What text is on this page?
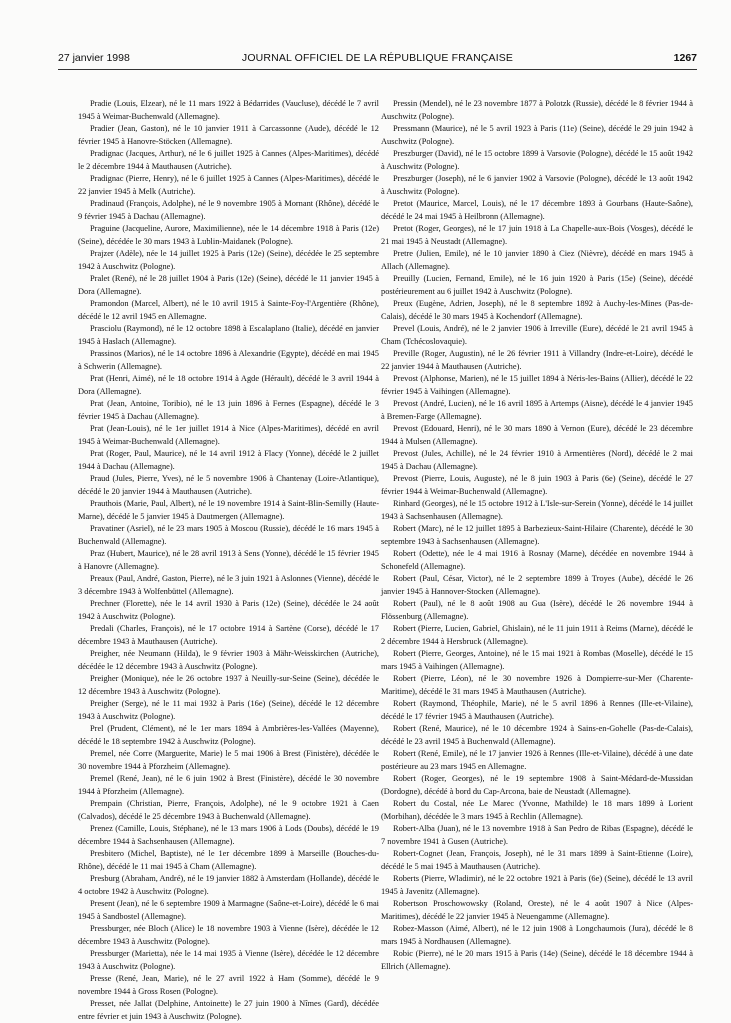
27 janvier 1998	JOURNAL OFFICIEL DE LA RÉPUBLIQUE FRANÇAISE	1267

Pradie (Louis, Elzear), né le 11 mars 1922 à Bédarrides (Vaucluse), décédé le 7 avril 1945 à Weimar-Buchenwald (Allemagne).

Pradier (Jean, Gaston), né le 10 janvier 1911 à Carcassonne (Aude), décédé le 12 février 1945 à Hanovre-Stöcken (Allemagne).

Pradignac (Jacques, Arthur), né le 6 juillet 1925 à Cannes (Alpes-Maritimes), décédé le 2 décembre 1944 à Mauthausen (Autriche).

Pradignac (Pierre, Henry), né le 6 juillet 1925 à Cannes (Alpes-Maritimes), décédé le 22 janvier 1945 à Melk (Autriche).

Pradinaud (François, Adolphe), né le 9 novembre 1905 à Mornant (Rhône), décédé le 9 février 1945 à Dachau (Allemagne).

Praguine (Jacqueline, Aurore, Maximilienne), née le 14 décembre 1918 à Paris (12e) (Seine), décédée le 30 mars 1943 à Lublin-Maidanek (Pologne).

Prajzer (Adèle), née le 14 juillet 1925 à Paris (12e) (Seine), décédée le 25 septembre 1942 à Auschwitz (Pologne).

Pralet (René), né le 28 juillet 1904 à Paris (12e) (Seine), décédé le 11 janvier 1945 à Dora (Allemagne).

Pramondon (Marcel, Albert), né le 10 avril 1915 à Sainte-Foy-l'Argentière (Rhône), décédé le 12 avril 1945 en Allemagne.

Prasciolu (Raymond), né le 12 octobre 1898 à Escalaplano (Italie), décédé en janvier 1945 à Haslach (Allemagne).

Prassinos (Marios), né le 14 octobre 1896 à Alexandrie (Egypte), décédé en mai 1945 à Schwerin (Allemagne).

Prat (Henri, Aimé), né le 18 octobre 1914 à Agde (Hérault), décédé le 3 avril 1944 à Dora (Allemagne).

Prat (Jean, Antoine, Toribio), né le 13 juin 1896 à Fernes (Espagne), décédé le 3 février 1945 à Dachau (Allemagne).

Prat (Jean-Louis), né le 1er juillet 1914 à Nice (Alpes-Maritimes), décédé en avril 1945 à Weimar-Buchenwald (Allemagne).

Prat (Roger, Paul, Maurice), né le 14 avril 1912 à Flacy (Yonne), décédé le 2 juillet 1944 à Dachau (Allemagne).

Praud (Jules, Pierre, Yves), né le 5 novembre 1906 à Chantenay (Loire-Atlantique), décédé le 20 janvier 1944 à Mauthausen (Autriche).

Prauthois (Marie, Paul, Albert), né le 19 novembre 1914 à Saint-Blin-Semilly (Haute-Marne), décédé le 5 janvier 1945 à Dautmergen (Allemagne).

Pravatiner (Asriel), né le 23 mars 1905 à Moscou (Russie), décédé le 16 mars 1945 à Buchenwald (Allemagne).

Praz (Hubert, Maurice), né le 28 avril 1913 à Sens (Yonne), décédé le 15 février 1945 à Hanovre (Allemagne).

Preaux (Paul, André, Gaston, Pierre), né le 3 juin 1921 à Aslonnes (Vienne), décédé le 3 décembre 1943 à Wolfenbüttel (Allemagne).

Prechner (Florette), née le 14 avril 1930 à Paris (12e) (Seine), décédée le 24 août 1942 à Auschwitz (Pologne).

Predali (Charles, François), né le 17 octobre 1914 à Sartène (Corse), décédé le 17 décembre 1943 à Mauthausen (Autriche).

Preigher, née Neumann (Hilda), le 9 février 1903 à Mähr-Weisskirchen (Autriche), décédée le 12 décembre 1943 à Auschwitz (Pologne).

Preigher (Monique), née le 26 octobre 1937 à Neuilly-sur-Seine (Seine), décédée le 12 décembre 1943 à Auschwitz (Pologne).

Preigher (Serge), né le 11 mai 1932 à Paris (16e) (Seine), décédé le 12 décembre 1943 à Auschwitz (Pologne).

Prel (Prudent, Clément), né le 1er mars 1894 à Ambrières-les-Vallées (Mayenne), décédé le 18 septembre 1942 à Auschwitz (Pologne).

Premel, née Corre (Marguerite, Marie) le 5 mai 1906 à Brest (Finistère), décédée le 30 novembre 1944 à Pforzheim (Allemagne).

Premel (René, Jean), né le 6 juin 1902 à Brest (Finistère), décédé le 30 novembre 1944 à Pforzheim (Allemagne).

Prempain (Christian, Pierre, François, Adolphe), né le 9 octobre 1921 à Caen (Calvados), décédé le 25 décembre 1943 à Buchenwald (Allemagne).

Prenez (Camille, Louis, Stéphane), né le 13 mars 1906 à Lods (Doubs), décédé le 19 décembre 1944 à Sachsenhausen (Allemagne).

Presbitero (Michel, Baptiste), né le 1er décembre 1899 à Marseille (Bouches-du-Rhône), décédé le 11 mai 1945 à Cham (Allemagne).

Presburg (Abraham, André), né le 19 janvier 1882 à Amsterdam (Hollande), décédé le 4 octobre 1942 à Auschwitz (Pologne).

Present (Jean), né le 6 septembre 1909 à Marmagne (Saône-et-Loire), décédé le 6 mai 1945 à Sandbostel (Allemagne).

Pressburger, née Bloch (Alice) le 18 novembre 1903 à Vienne (Isère), décédée le 12 décembre 1943 à Auschwitz (Pologne).

Pressburger (Marietta), née le 14 mai 1935 à Vienne (Isère), décédée le 12 décembre 1943 à Auschwitz (Pologne).

Presse (René, Jean, Marie), né le 27 avril 1922 à Ham (Somme), décédé le 9 novembre 1944 à Gross Rosen (Pologne).

Presset, née Jallat (Delphine, Antoinette) le 27 juin 1900 à Nîmes (Gard), décédée entre février et juin 1943 à Auschwitz (Pologne).

Pressin (Mendel), né le 23 novembre 1877 à Polotzk (Russie), décédé le 8 février 1944 à Auschwitz (Pologne).

Pressmann (Maurice), né le 5 avril 1923 à Paris (11e) (Seine), décédé le 29 juin 1942 à Auschwitz (Pologne).

Preszburger (David), né le 15 octobre 1899 à Varsovie (Pologne), décédé le 15 août 1942 à Auschwitz (Pologne).

Preszburger (Joseph), né le 6 janvier 1902 à Varsovie (Pologne), décédé le 13 août 1942 à Auschwitz (Pologne).

Pretot (Maurice, Marcel, Louis), né le 17 décembre 1893 à Gourbans (Haute-Saône), décédé le 24 mai 1945 à Heilbronn (Allemagne).

Pretot (Roger, Georges), né le 17 juin 1918 à La Chapelle-aux-Bois (Vosges), décédé le 21 mai 1945 à Neustadt (Allemagne).

Pretre (Julien, Emile), né le 10 janvier 1890 à Ciez (Nièvre), décédé en mars 1945 à Allach (Allemagne).

Preuilly (Lucien, Fernand, Emile), né le 16 juin 1920 à Paris (15e) (Seine), décédé postérieurement au 6 juillet 1942 à Auschwitz (Pologne).

Preux (Eugène, Adrien, Joseph), né le 8 septembre 1892 à Auchy-les-Mines (Pas-de-Calais), décédé le 30 mars 1945 à Kochendorf (Allemagne).

Prevel (Louis, André), né le 2 janvier 1906 à Irreville (Eure), décédé le 21 avril 1945 à Cham (Tchécoslovaquie).

Preville (Roger, Augustin), né le 26 février 1911 à Villandry (Indre-et-Loire), décédé le 22 janvier 1944 à Mauthausen (Autriche).

Prevost (Alphonse, Marien), né le 15 juillet 1894 à Néris-les-Bains (Allier), décédé le 22 février 1945 à Vaihingen (Allemagne).

Prevost (André, Lucien), né le 16 avril 1895 à Artemps (Aisne), décédé le 4 janvier 1945 à Bremen-Farge (Allemagne).

Prevost (Edouard, Henri), né le 30 mars 1890 à Vernon (Eure), décédé le 23 décembre 1944 à Mulsen (Allemagne).

Prevost (Jules, Achille), né le 24 février 1910 à Armentières (Nord), décédé le 2 mai 1945 à Dachau (Allemagne).

Prevost (Pierre, Louis, Auguste), né le 8 juin 1903 à Paris (6e) (Seine), décédé le 27 février 1944 à Weimar-Buchenwald (Allemagne).

Rinhard (Georges), né le 15 octobre 1912 à L'Isle-sur-Serein (Yonne), décédé le 14 juillet 1943 à Sachsenhausen (Allemagne).

Robert (Marc), né le 12 juillet 1895 à Barbezieux-Saint-Hilaire (Charente), décédé le 30 septembre 1943 à Sachsenhausen (Allemagne).

Robert (Odette), née le 4 mai 1916 à Rosnay (Marne), décédée en novembre 1944 à Schonefeld (Allemagne).

Robert (Paul, César, Victor), né le 2 septembre 1899 à Troyes (Aube), décédé le 26 janvier 1945 à Hannover-Stocken (Allemagne).

Robert (Paul), né le 8 août 1908 au Gua (Isère), décédé le 26 novembre 1944 à Flössenburg (Allemagne).

Robert (Pierre, Lucien, Gabriel, Ghislain), né le 11 juin 1911 à Reims (Marne), décédé le 2 décembre 1944 à Hersbruck (Allemagne).

Robert (Pierre, Georges, Antoine), né le 15 mai 1921 à Rombas (Moselle), décédé le 15 mars 1945 à Vaihingen (Allemagne).

Robert (Pierre, Léon), né le 30 novembre 1926 à Dompierre-sur-Mer (Charente-Maritime), décédé le 31 mars 1945 à Mauthausen (Autriche).

Robert (Raymond, Théophile, Marie), né le 5 avril 1896 à Rennes (Ille-et-Vilaine), décédé le 17 février 1945 à Mauthausen (Autriche).

Robert (René, Maurice), né le 10 décembre 1924 à Sains-en-Gohelle (Pas-de-Calais), décédé le 23 avril 1945 à Buchenwald (Allemagne).

Robert (René, Emile), né le 17 janvier 1926 à Rennes (Ille-et-Vilaine), décédé à une date postérieure au 23 mars 1945 en Allemagne.

Robert (Roger, Georges), né le 19 septembre 1908 à Saint-Médard-de-Mussidan (Dordogne), décédé à bord du Cap-Arcona, baie de Neustadt (Allemagne).

Robert du Costal, née Le Marec (Yvonne, Mathilde) le 18 mars 1899 à Lorient (Morbihan), décédée le 3 mars 1945 à Rechlin (Allemagne).

Robert-Alba (Juan), né le 13 novembre 1918 à San Pedro de Ribas (Espagne), décédé le 7 novembre 1941 à Gusen (Autriche).

Robert-Cognet (Jean, François, Joseph), né le 31 mars 1899 à Saint-Etienne (Loire), décédé le 5 mai 1945 à Mauthausen (Autriche).

Roberts (Pierre, Wladimir), né le 22 octobre 1921 à Paris (6e) (Seine), décédé le 13 avril 1945 à Javenitz (Allemagne).

Robertson Proschowowsky (Roland, Oreste), né le 4 août 1907 à Nice (Alpes-Maritimes), décédé le 22 janvier 1945 à Neuengamme (Allemagne).

Robez-Masson (Aimé, Albert), né le 12 juin 1908 à Longchaumois (Jura), décédé le 8 mars 1945 à Nordhausen (Allemagne).

Robic (Pierre), né le 20 mars 1915 à Paris (14e) (Seine), décédé le 18 décembre 1944 à Ellrich (Allemagne).
